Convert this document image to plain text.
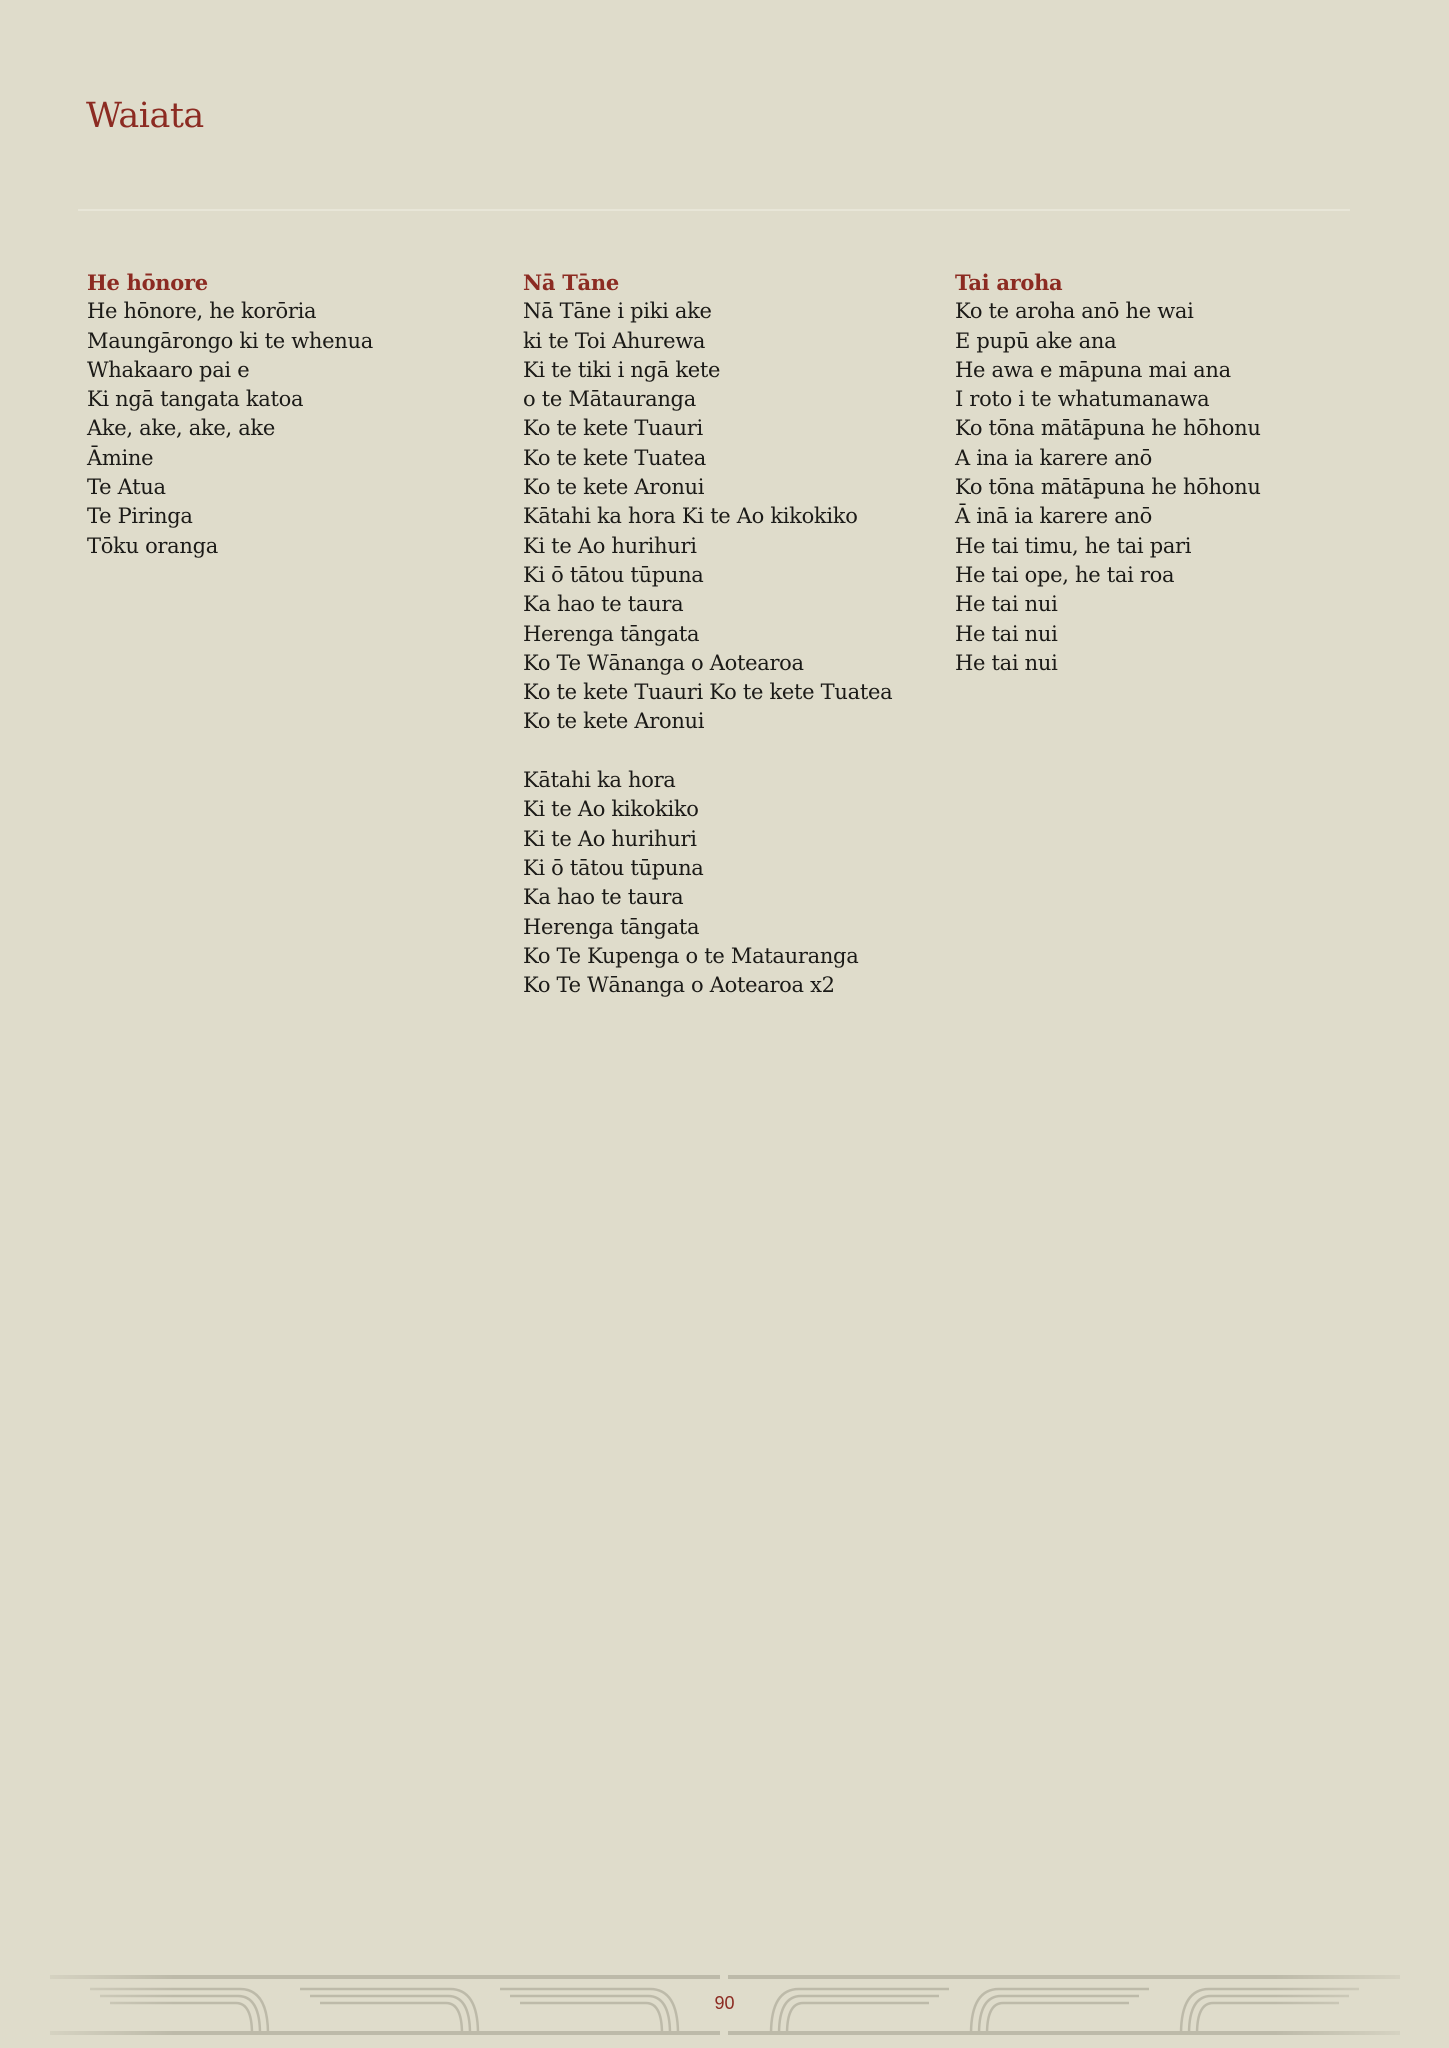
Waiata
He hōnore
He hōnore, he korōria
Maungārongo ki te whenua
Whakaaro pai e
Ki ngā tangata katoa
Ake, ake, ake, ake
Āmine
Te Atua
Te Piringa
Tōku oranga
Nā Tāne
Nā Tāne i piki ake
ki te Toi Ahurewa
Ki te tiki i ngā kete
o te Mātauranga
Ko te kete Tuauri
Ko te kete Tuatea
Ko te kete Aronui
Kātahi ka hora Ki te Ao kikokiko
Ki te Ao hurihuri
Ki ō tātou tūpuna
Ka hao te taura
Herenga tāngata
Ko Te Wānanga o Aotearoa
Ko te kete Tuauri Ko te kete Tuatea
Ko te kete Aronui
Kātahi ka hora
Ki te Ao kikokiko
Ki te Ao hurihuri
Ki ō tātou tūpuna
Ka hao te taura
Herenga tāngata
Ko Te Kupenga o te Matauranga
Ko Te Wānanga o Aotearoa x2
Tai aroha
Ko te aroha anō he wai
E pupū ake ana
He awa e māpuna mai ana
I roto i te whatumanawa
Ko tōna mātāpuna he hōhonu
A ina ia karere anō
Ko tōna mātāpuna he hōhonu
Ā inā ia karere anō
He tai timu, he tai pari
He tai ope, he tai roa
He tai nui
He tai nui
He tai nui
90
